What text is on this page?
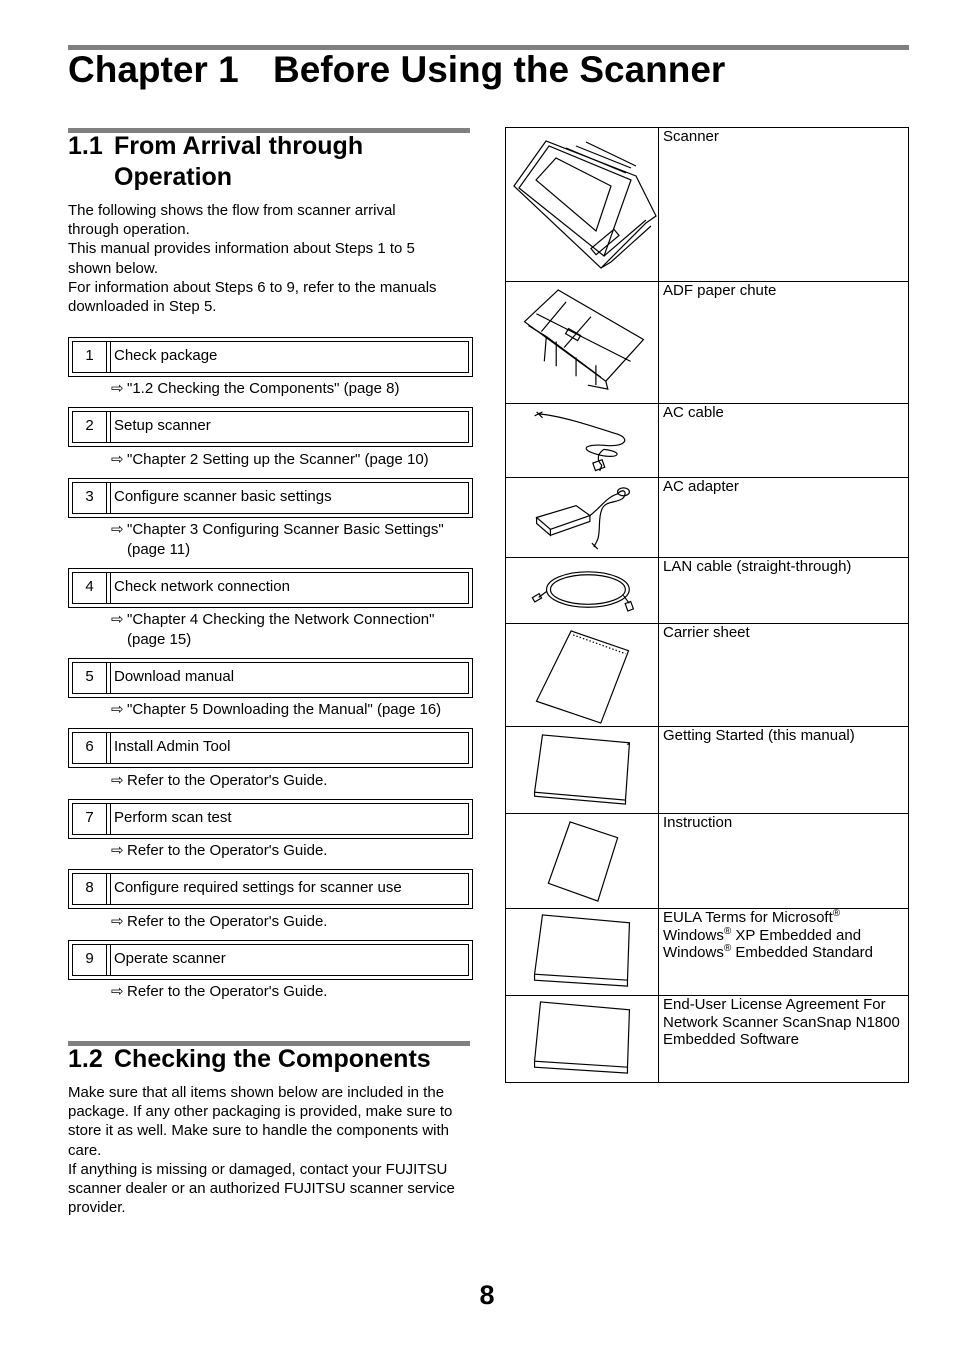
Chapter 1 Before Using the Scanner
1.1 From Arrival through Operation
The following shows the flow from scanner arrival through operation.
This manual provides information about Steps 1 to 5 shown below.
For information about Steps 6 to 9, refer to the manuals downloaded in Step 5.
1	Check package
⇨ "1.2 Checking the Components" (page 8)
2	Setup scanner
⇨ "Chapter 2 Setting up the Scanner" (page 10)
3	Configure scanner basic settings
⇨ "Chapter 3 Configuring Scanner Basic Settings"
(page 11)
4	Check network connection
⇨ "Chapter 4 Checking the Network Connection"
(page 15)
5	Download manual
⇨ "Chapter 5 Downloading the Manual" (page 16)
6	Install Admin Tool
⇨ Refer to the Operator's Guide.
7	Perform scan test
⇨ Refer to the Operator's Guide.
8	Configure required settings for scanner use
⇨ Refer to the Operator's Guide.
9	Operate scanner
⇨ Refer to the Operator's Guide.
1.2 Checking the Components
Make sure that all items shown below are included in the package. If any other packaging is provided, make sure to store it as well. Make sure to handle the components with care.
If anything is missing or damaged, contact your FUJITSU scanner dealer or an authorized FUJITSU scanner service provider.
Scanner
ADF paper chute
AC cable
AC adapter
LAN cable (straight-through)
Carrier sheet
Getting Started (this manual)
Instruction
EULA Terms for Microsoft®
Windows® XP Embedded and
Windows® Embedded Standard
End-User License Agreement For Network Scanner ScanSnap N1800 Embedded Software
8
